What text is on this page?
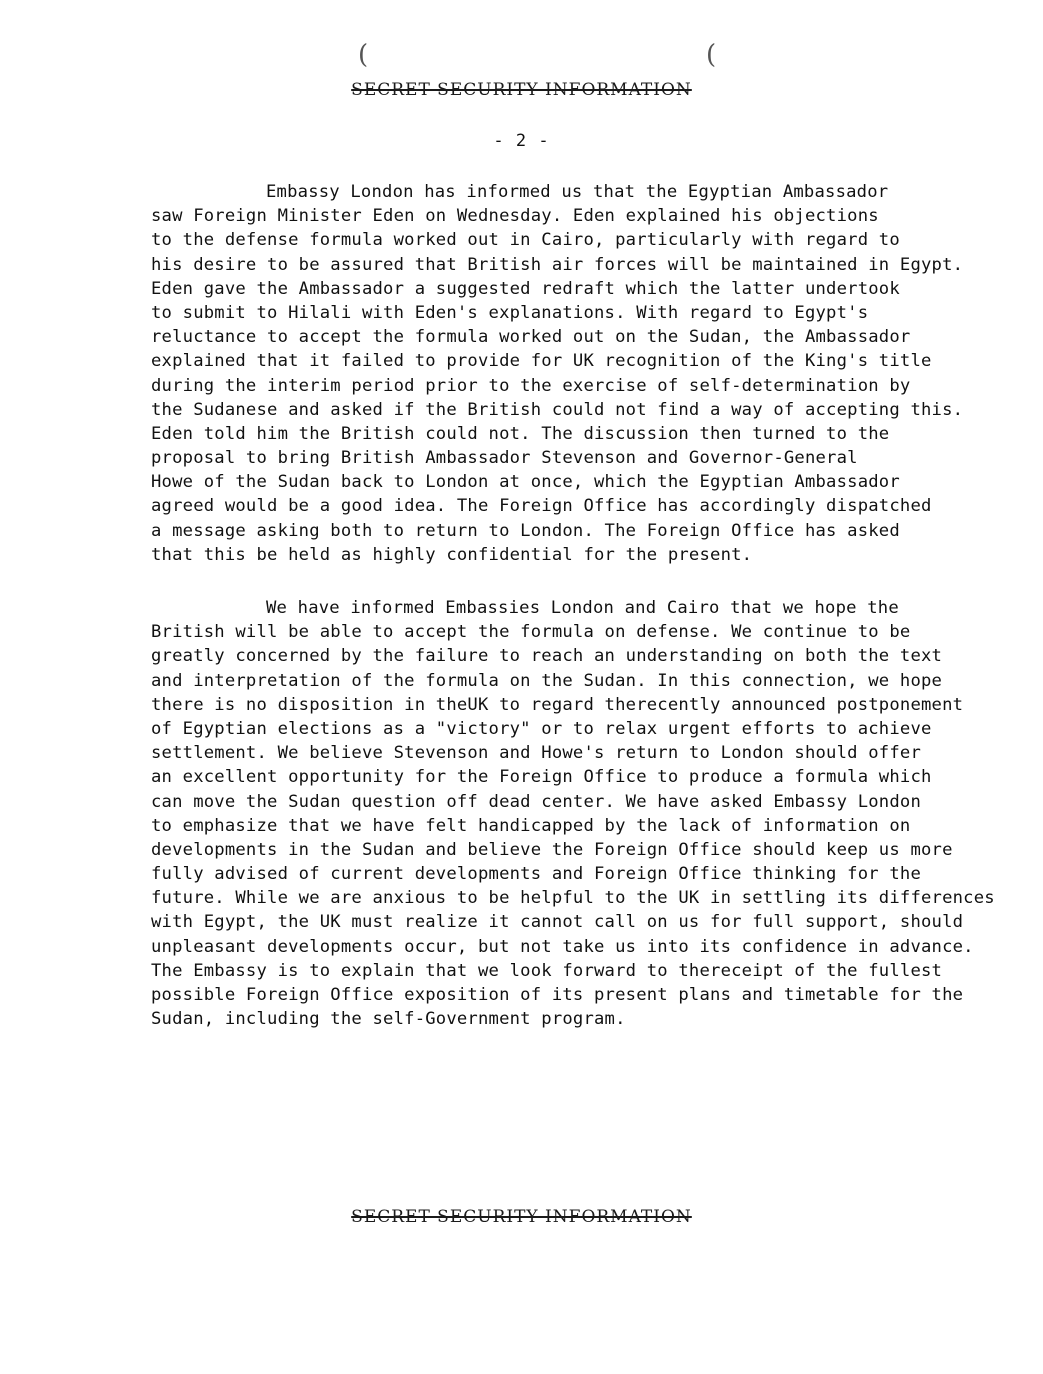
(	(
SECRET SECURITY INFORMATION
- 2 -
Embassy London has informed us that the Egyptian Ambassador
saw Foreign Minister Eden on Wednesday. Eden explained his objections
to the defense formula worked out in Cairo, particularly with regard to
his desire to be assured that British air forces will be maintained in Egypt.
Eden gave the Ambassador a suggested redraft which the latter undertook
to submit to Hilali with Eden's explanations. With regard to Egypt's
reluctance to accept the formula worked out on the Sudan, the Ambassador
explained that it failed to provide for UK recognition of the King's title
during the interim period prior to the exercise of self-determination by
the Sudanese and asked if the British could not find a way of accepting this.
Eden told him the British could not. The discussion then turned to the
proposal to bring British Ambassador Stevenson and Governor-General
Howe of the Sudan back to London at once, which the Egyptian Ambassador
agreed would be a good idea. The Foreign Office has accordingly dispatched
a message asking both to return to London. The Foreign Office has asked
that this be held as highly confidential for the present.
We have informed Embassies London and Cairo that we hope the
British will be able to accept the formula on defense. We continue to be
greatly concerned by the failure to reach an understanding on both the text
and interpretation of the formula on the Sudan. In this connection, we hope
there is no disposition in theUK to regard therecently announced postponement
of Egyptian elections as a "victory" or to relax urgent efforts to achieve
settlement. We believe Stevenson and Howe's return to London should offer
an excellent opportunity for the Foreign Office to produce a formula which
can move the Sudan question off dead center. We have asked Embassy London
to emphasize that we have felt handicapped by the lack of information on
developments in the Sudan and believe the Foreign Office should keep us more
fully advised of current developments and Foreign Office thinking for the
future. While we are anxious to be helpful to the UK in settling its differences
with Egypt, the UK must realize it cannot call on us for full support, should
unpleasant developments occur, but not take us into its confidence in advance.
The Embassy is to explain that we look forward to thereceipt of the fullest
possible Foreign Office exposition of its present plans and timetable for the
Sudan, including the self-Government program.
SECRET SECURITY INFORMATION
